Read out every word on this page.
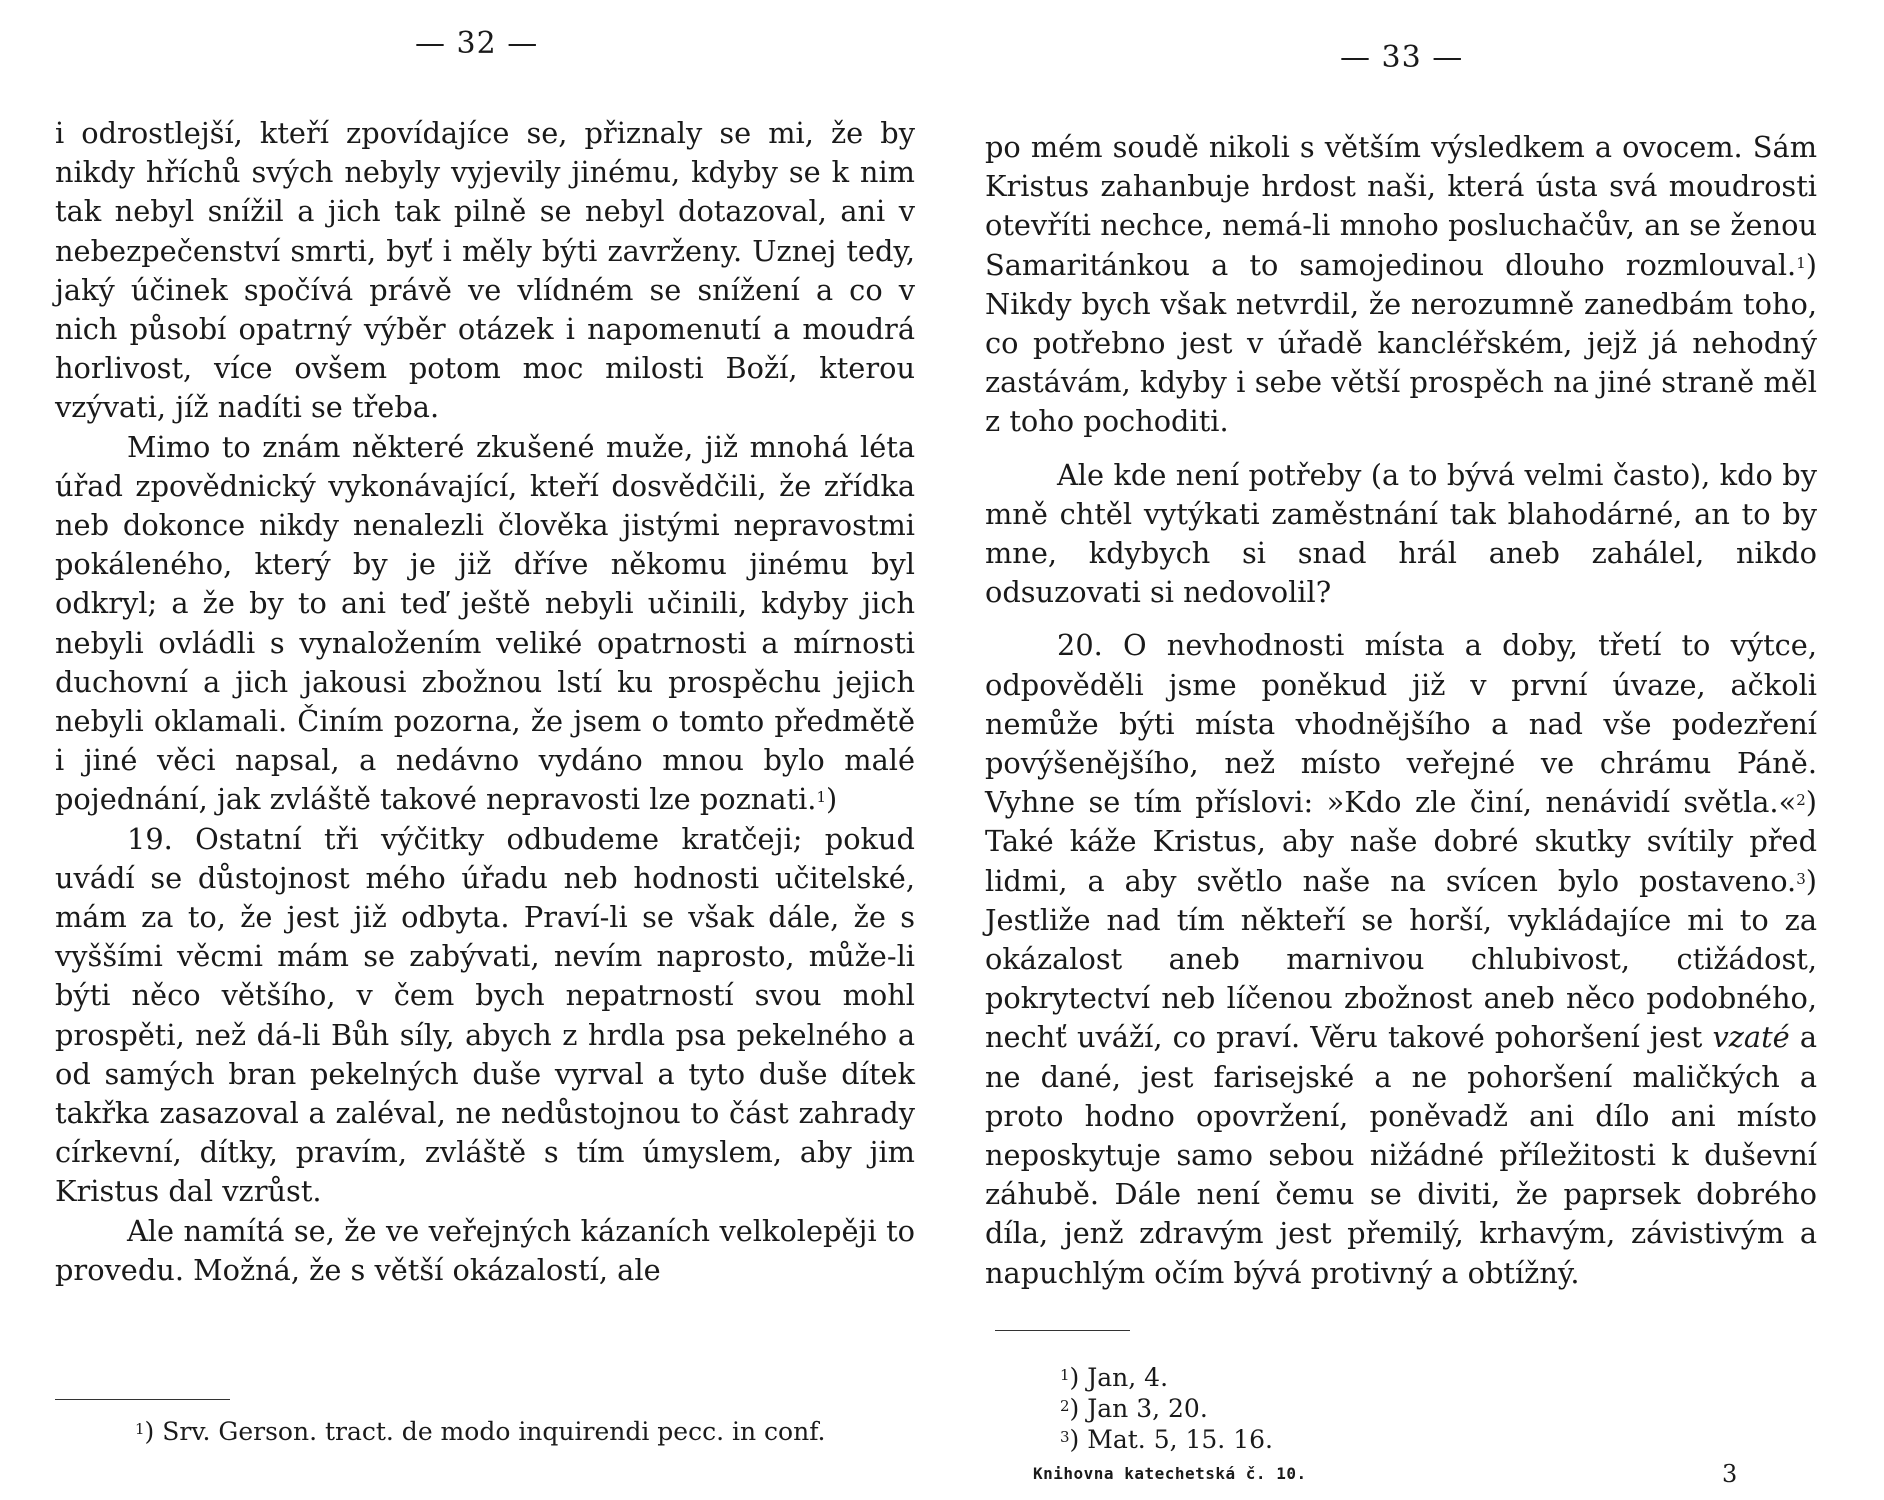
— 32 —

i odrostlejší, kteří zpovídajíce se, přiznaly se mi, že by nikdy hříchů svých nebyly vyjevily jinému, kdyby se k nim tak nebyl snížil a jich tak pilně se nebyl dotazoval, ani v nebezpečenství smrti, byť i měly býti zavrženy. Uznej tedy, jaký účinek spočívá právě ve vlídném se snížení a co v nich působí opatrný výběr otázek i napomenutí a moudrá horlivost, více ovšem potom moc milosti Boží, kterou vzývati, jíž nadíti se třeba.

Mimo to znám některé zkušené muže, již mnohá léta úřad zpovědnický vykonávající, kteří dosvědčili, že zřídka neb dokonce nikdy nenalezli člověka jistými nepravostmi pokáleného, který by je již dříve někomu jinému byl odkryl; a že by to ani teď ještě nebyli učinili, kdyby jich nebyli ovládli s vynaložením veliké opatrnosti a mírnosti duchovní a jich jakousi zbožnou lstí ku prospěchu jejich nebyli oklamali. Činím pozorna, že jsem o tomto předmětě i jiné věci napsal, a nedávno vydáno mnou bylo malé pojednání, jak zvláště takové nepravosti lze poznati.$^1$)

19. Ostatní tři výčitky odbudeme kratčeji; pokud uvádí se důstojnost mého úřadu neb hodnosti učitelské, mám za to, že jest již odbyta. Praví-li se však dále, že s vyššími věcmi mám se zabývati, nevím naprosto, může-li býti něco většího, v čem bych nepatrností svou mohl prospěti, než dá-li Bůh síly, abych z hrdla psa pekelného a od samých bran pekelných duše vyrval a tyto duše dítek takřka zasazoval a zaléval, ne nedůstojnou to část zahrady církevní, dítky, pravím, zvláště s tím úmyslem, aby jim Kristus dal vzrůst.

Ale namítá se, že ve veřejných kázaních velkolepěji to provedu. Možná, že s větší okázalostí, ale

$^1$) Srv. Gerson. tract. de modo inquirendi pecc. in conf.
— 33 —

po mém soudě nikoli s větším výsledkem a ovocem. Sám Kristus zahanbuje hrdost naši, která ústa svá moudrosti otevříti nechce, nemá-li mnoho posluchačův, an se ženou Samaritánkou a to samojedinou dlouho rozmlouval.$^1$) Nikdy bych však netvrdil, že nerozumně zanedbám toho, co potřebno jest v úřadě kancléřském, jejž já nehodný zastávám, kdyby i sebe větší prospěch na jiné straně měl z toho pochoditi.

Ale kde není potřeby (a to bývá velmi často), kdo by mně chtěl vytýkati zaměstnání tak blahodárné, an to by mne, kdybych si snad hrál aneb zahálel, nikdo odsuzovati si nedovolil?

20. O nevhodnosti místa a doby, třetí to výtce, odpověděli jsme poněkud již v první úvaze, ačkoli nemůže býti místa vhodnějšího a nad vše podezření povýšenějšího, než místo veřejné ve chrámu Páně. Vyhne se tím příslovi: »Kdo zle činí, nenávidí světla.«$^2$) Také káže Kristus, aby naše dobré skutky svítily před lidmi, a aby světlo naše na svícen bylo postaveno.$^3$) Jestliže nad tím někteří se horší, vykládajíce mi to za okázalost aneb marnivou chlubivost, ctižádost, pokrytectví neb líčenou zbožnost aneb něco podobného, nechť uváží, co praví. Věru takové pohoršení jest vzaté a ne dané, jest farisejské a ne pohoršení maličkých a proto hodno opovržení, poněvadž ani dílo ani místo neposkytuje samo sebou nižádné příležitosti k duševní záhubě. Dále není čemu se diviti, že paprsek dobrého díla, jenž zdravým jest přemilý, krhavým, závistivým a napuchlým očím bývá protivný a obtížný.

$^1$) Jan, 4.
$^2$) Jan 3, 20.
$^3$) Mat. 5, 15. 16.
Knihovna katechetská č. 10.	3
